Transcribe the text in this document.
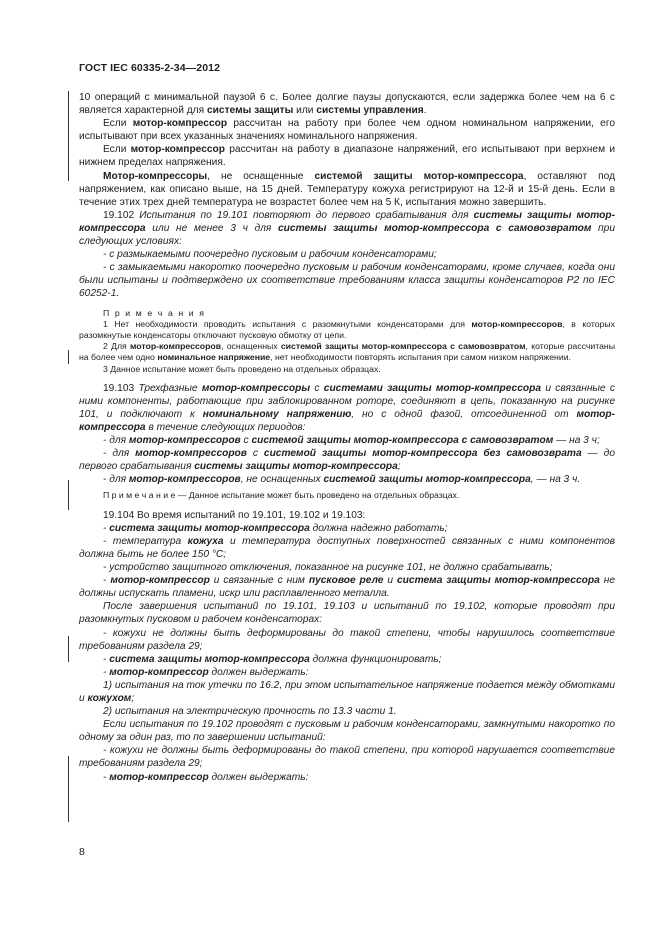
ГОСТ IEC 60335-2-34—2012

10 операций с минимальной паузой 6 с. Более долгие паузы допускаются, если задержка более чем на 6 с является характерной для системы защиты или системы управления.

Если мотор-компрессор рассчитан на работу при более чем одном номинальном напряжении, его испытывают при всех указанных значениях номинального напряжения.

Если мотор-компрессор рассчитан на работу в диапазоне напряжений, его испытывают при верхнем и нижнем пределах напряжения.

Мотор-компрессоры, не оснащенные системой защиты мотор-компрессора, оставляют под напряжением, как описано выше, на 15 дней. Температуру кожуха регистрируют на 12-й и 15-й день. Если в течение этих трех дней температура не возрастет более чем на 5 К, испытания можно завершить.

19.102 Испытания по 19.101 повторяют до первого срабатывания для системы защиты мотор-компрессора или не менее 3 ч для системы защиты мотор-компрессора с самовозвратом при следующих условиях:

- с размыкаемыми поочередно пусковым и рабочим конденсаторами;

- с замыкаемыми накоротко поочередно пусковым и рабочим конденсаторами, кроме случаев, когда они были испытаны и подтверждено их соответствие требованиям класса защиты конденсаторов P2 по IEC 60252-1.

П р и м е ч а н и я

1 Нет необходимости проводить испытания с разомкнутыми конденсаторами для мотор-компрессоров, в которых разомкнутые конденсаторы отключают пусковую обмотку от цепи.

2 Для мотор-компрессоров, оснащенных системой защиты мотор-компрессора с самовозвратом, которые рассчитаны на более чем одно номинальное напряжение, нет необходимости повторять испытания при самом низком напряжении.

3 Данное испытание может быть проведено на отдельных образцах.

19.103 Трехфазные мотор-компрессоры с системами защиты мотор-компрессора и связанные с ними компоненты, работающие при заблокированном роторе, соединяют в цепь, показанную на рисунке 101, и подключают к номинальному напряжению, но с одной фазой, отсоединенной от мотор-компрессора в течение следующих периодов:

- для мотор-компрессоров с системой защиты мотор-компрессора с самовозвратом — на 3 ч;

- для мотор-компрессоров с системой защиты мотор-компрессора без самовозврата — до первого срабатывания системы защиты мотор-компрессора;

- для мотор-компрессоров, не оснащенных системой защиты мотор-компрессора, — на 3 ч.

П р и м е ч а н и е — Данное испытание может быть проведено на отдельных образцах.

19.104 Во время испытаний по 19.101, 19.102 и 19.103:

- система защиты мотор-компрессора должна надежно работать;

- температура кожуха и температура доступных поверхностей связанных с ними компонентов должна быть не более 150 °С;

- устройство защитного отключения, показанное на рисунке 101, не должно срабатывать;

- мотор-компрессор и связанные с ним пусковое реле и система защиты мотор-компрессора не должны испускать пламени, искр или расплавленного металла.

После завершения испытаний по 19.101, 19.103 и испытаний по 19.102, которые проводят при разомкнутых пусковом и рабочем конденсаторах:

- кожухи не должны быть деформированы до такой степени, чтобы нарушилось соответствие требованиям раздела 29;

- система защиты мотор-компрессора должна функционировать;

- мотор-компрессор должен выдержать:

1) испытания на ток утечки по 16.2, при этом испытательное напряжение подается между обмотками и кожухом;

2) испытания на электрическую прочность по 13.3 части 1.

Если испытания по 19.102 проводят с пусковым и рабочим конденсаторами, замкнутыми накоротко по одному за один раз, то по завершении испытаний:

- кожухи не должны быть деформированы до такой степени, при которой нарушается соответствие требованиям раздела 29;

- мотор-компрессор должен выдержать:

8
